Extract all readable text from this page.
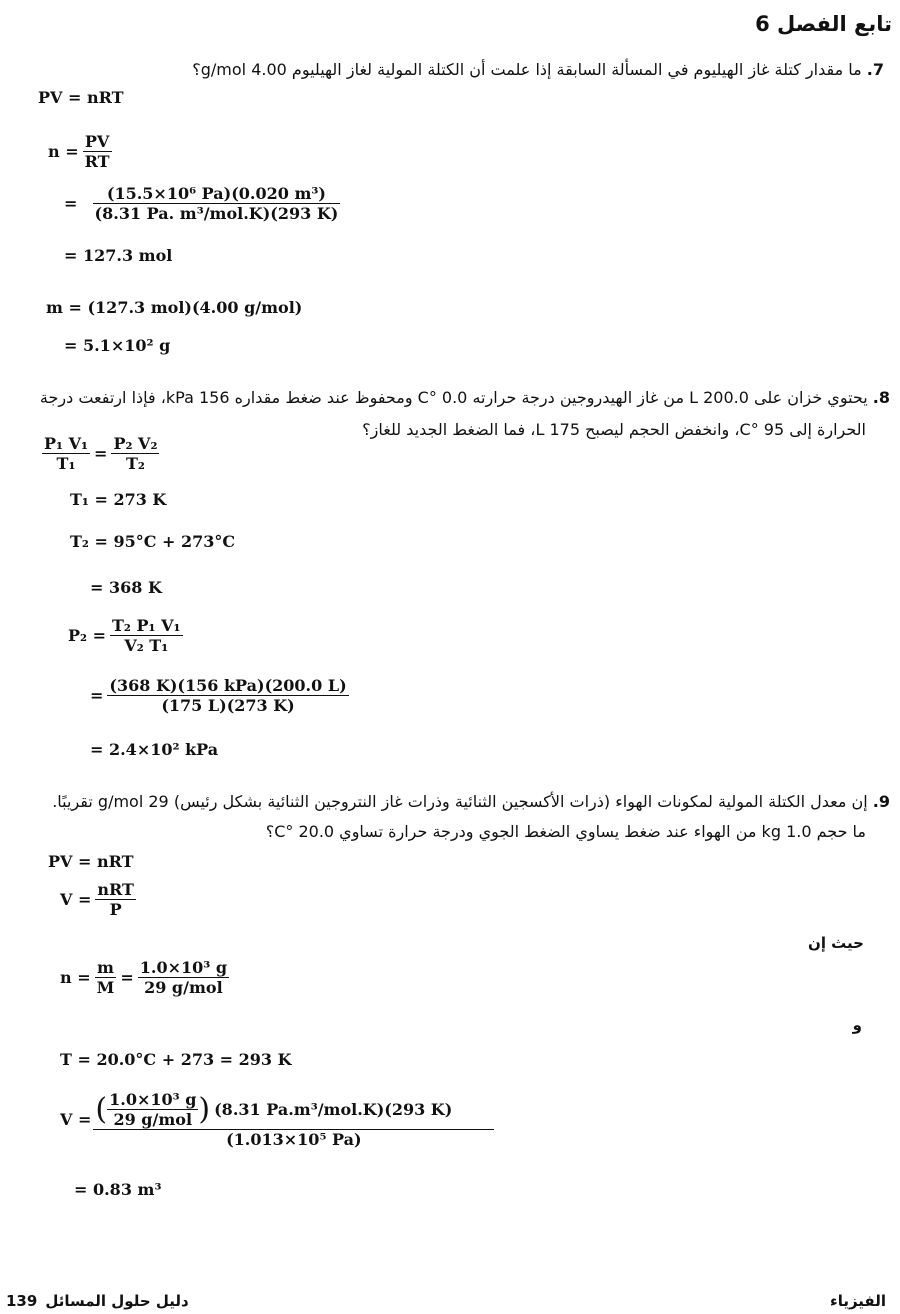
تابع الفصل 6
7. ما مقدار كتلة غاز الهيليوم في المسألة السابقة إذا علمت أن الكتلة المولية لغاز الهيليوم 4.00 g/mol؟
PV = nRT
$n = \frac{PV}{RT}$
= $\frac{\text{(15.5×10⁶ Pa)(0.020 m³)}}{\text{(8.31 Pa. m³/mol.K)(293 K)}}$
= 127.3 mol
m = (127.3 mol)(4.00 g/mol)
= 5.1×10² g
8. يحتوي خزان على 200.0 L من غاز الهيدروجين درجة حرارته 0.0 °C ومحفوظ عند ضغط مقداره 156 kPa، فإذا ارتفعت درجة
الحرارة إلى 95 °C، وانخفض الحجم ليصبح 175 L، فما الضغط الجديد للغاز؟
$\frac{\text{P₁ V₁}}{\text{T₁}} = \frac{\text{P₂ V₂}}{\text{T₂}}$
T₁ = 273 K
T₂ = 95°C + 273°C
= 368 K
$P_2 = \frac{\text{T₂ P₁ V₁}}{\text{V₂ T₁}}$
= $\frac{\text{(368 K)(156 kPa)(200.0 L)}}{(175 L)(273 K)}$
= 2.4×10² kPa
9. إن معدل الكتلة المولية لمكونات الهواء (ذرات الأكسجين الثنائية وذرات غاز النتروجين الثنائية بشكل رئيس) 29 g/mol تقريبًا.
ما حجم 1.0 kg من الهواء عند ضغط يساوي الضغط الجوي ودرجة حرارة تساوي 20.0 °C؟
PV = nRT
$V = \frac{\text{nRT}}{P}$
حيث إن
$n = \frac{m}{M} = \frac{\text{1.0×10³ g}}{\text{29 g/mol}}$
و
T = 20.0°C + 273 = 293 K
V = ( $\frac{\text{1.0×10³ g}}{\text{29 g/mol}}$ ) (8.31 Pa.m³/mol.K)(293 K)
(1.013×10⁵ Pa)
= 0.83 m³
139 دليل حلول المسائل	الفيزياء
